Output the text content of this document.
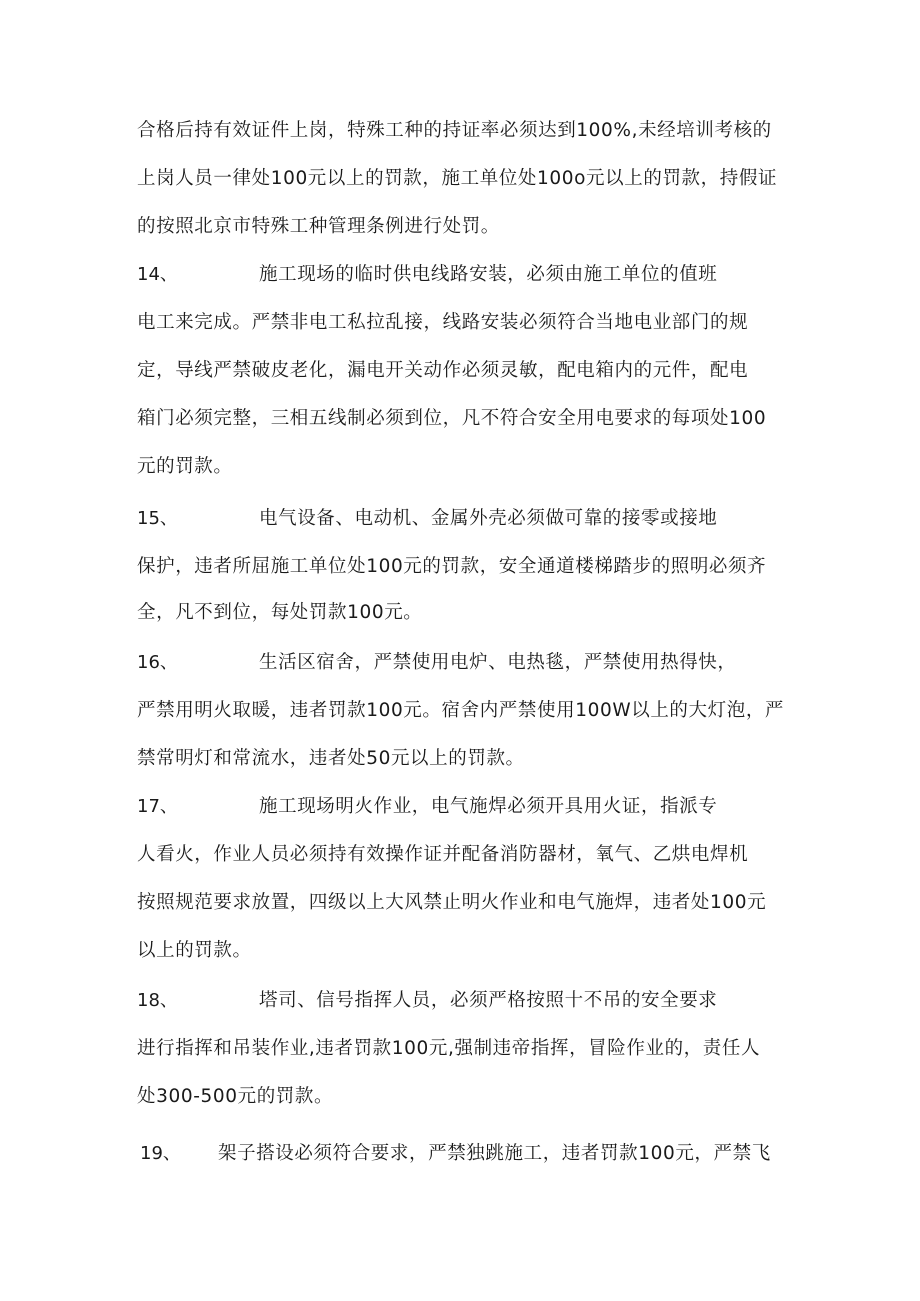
合格后持有效证件上岗，特殊工种的持证率必须达到100%,未经培训考核的
上岗人员一律处100元以上的罚款，施工单位处100o元以上的罚款，持假证
的按照北京市特殊工种管理条例进行处罚。
14、	施工现场的临时供电线路安装，必须由施工单位的值班
电工来完成。严禁非电工私拉乱接，线路安装必须符合当地电业部门的规
定，导线严禁破皮老化，漏电开关动作必须灵敏，配电箱内的元件，配电
箱门必须完整，三相五线制必须到位，凡不符合安全用电要求的每项处100
元的罚款。
15、	电气设备、电动机、金属外壳必须做可靠的接零或接地
保护，违者所屈施工单位处100元的罚款，安全通道楼梯踏步的照明必须齐
全，凡不到位，每处罚款100元。
16、	生活区宿舍，严禁使用电炉、电热毯，严禁使用热得快，
严禁用明火取暖，违者罚款100元。宿舍内严禁使用100W以上的大灯泡，严
禁常明灯和常流水，违者处50元以上的罚款。
17、	施工现场明火作业，电气施焊必须开具用火证，指派专
人看火，作业人员必须持有效操作证并配备消防器材，氧气、乙烘电焊机
按照规范要求放置，四级以上大风禁止明火作业和电气施焊，违者处100元
以上的罚款。
18、	塔司、信号指挥人员，必须严格按照十不吊的安全要求
进行指挥和吊装作业,违者罚款100元,强制违帝指挥，冒险作业的，责任人
处300-500元的罚款。
19、 架子搭设必须符合要求，严禁独跳施工，违者罚款100元，严禁飞
